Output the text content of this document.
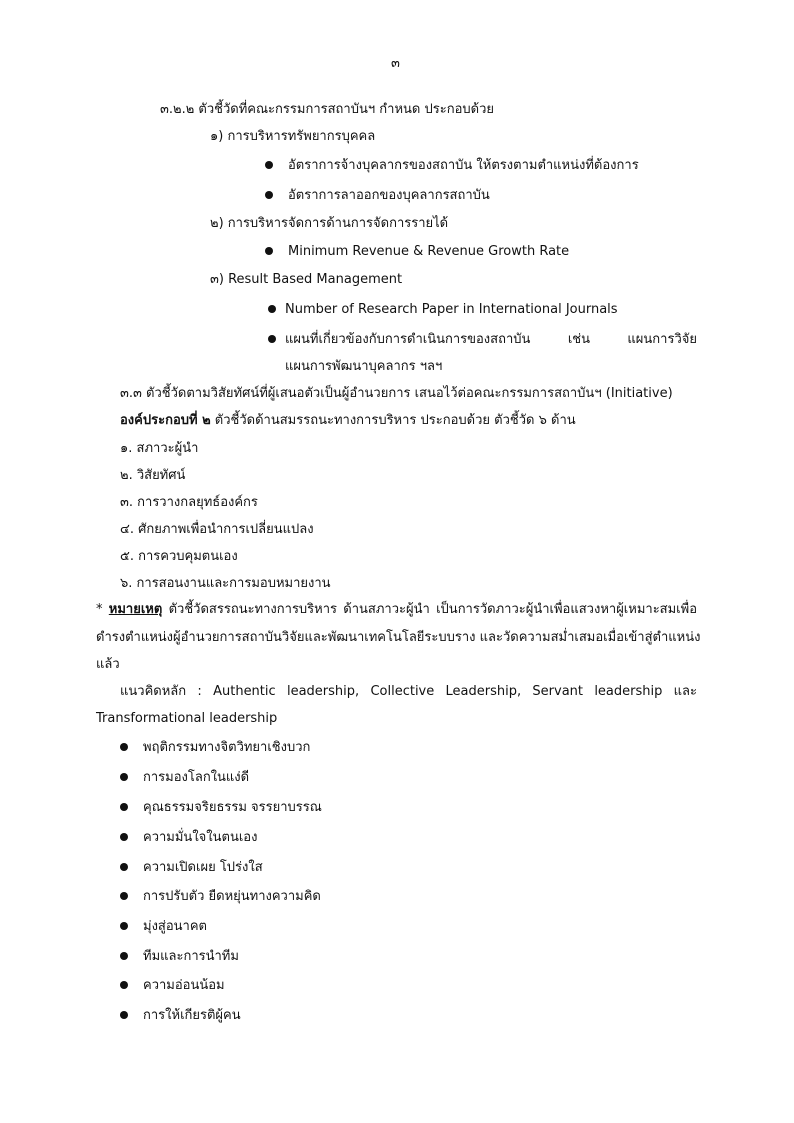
๓
๓.๒.๒ ตัวชี้วัดที่คณะกรรมการสถาบันฯ กำหนด ประกอบด้วย
๑) การบริหารทรัพยากรบุคคล
อัตราการจ้างบุคลากรของสถาบัน ให้ตรงตามตำแหน่งที่ต้องการ
อัตราการลาออกของบุคลากรสถาบัน
๒) การบริหารจัดการด้านการจัดการรายได้
Minimum Revenue & Revenue Growth Rate
๓) Result Based Management
Number of Research Paper in International Journals
แผนที่เกี่ยวข้องกับการดำเนินการของสถาบัน เช่น แผนการวิจัย
แผนการพัฒนาบุคลากร ฯลฯ
๓.๓ ตัวชี้วัดตามวิสัยทัศน์ที่ผู้เสนอตัวเป็นผู้อำนวยการ เสนอไว้ต่อคณะกรรมการสถาบันฯ (Initiative)
องค์ประกอบที่ ๒ ตัวชี้วัดด้านสมรรถนะทางการบริหาร ประกอบด้วย ตัวชี้วัด ๖ ด้าน
๑. สภาวะผู้นำ
๒. วิสัยทัศน์
๓. การวางกลยุทธ์องค์กร
๔. ศักยภาพเพื่อนำการเปลี่ยนแปลง
๕. การควบคุมตนเอง
๖. การสอนงานและการมอบหมายงาน
* หมายเหตุ ตัวชี้วัดสรรถนะทางการบริหาร ด้านสภาวะผู้นำ เป็นการวัดภาวะผู้นำเพื่อแสวงหาผู้เหมาะสมเพื่อ
ดำรงตำแหน่งผู้อำนวยการสถาบันวิจัยและพัฒนาเทคโนโลยีระบบราง และวัดความสม่ำเสมอเมื่อเข้าสู่ตำแหน่ง
แล้ว
แนวคิดหลัก : Authentic leadership, Collective Leadership, Servant leadership และ
Transformational leadership
พฤติกรรมทางจิตวิทยาเชิงบวก
การมองโลกในแง่ดี
คุณธรรมจริยธรรม จรรยาบรรณ
ความมั่นใจในตนเอง
ความเปิดเผย โปร่งใส
การปรับตัว ยืดหยุ่นทางความคิด
มุ่งสู่อนาคต
ทีมและการนำทีม
ความอ่อนน้อม
การให้เกียรติผู้คน
